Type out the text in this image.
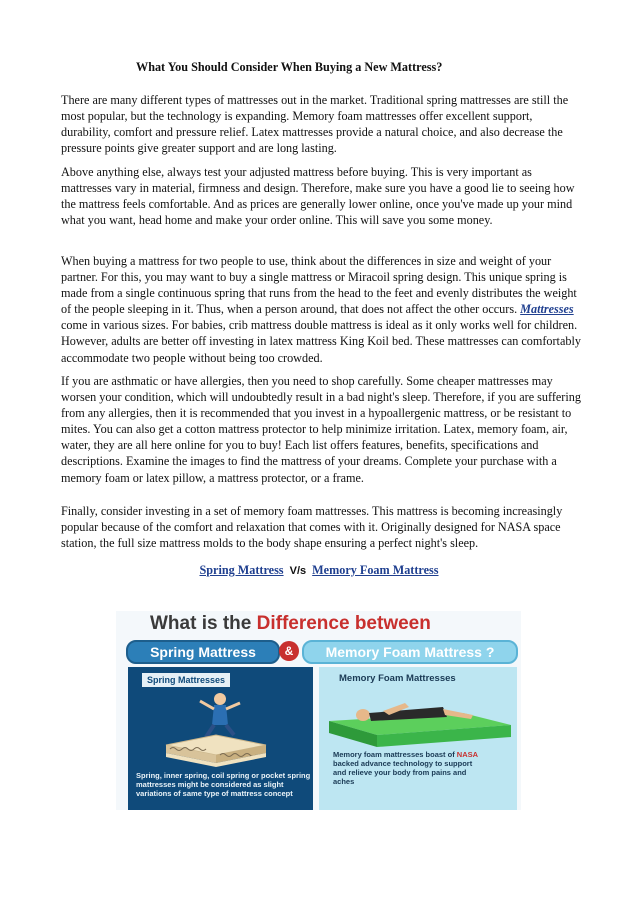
What You Should Consider When Buying a New Mattress?

There are many different types of mattresses out in the market. Traditional spring mattresses are still the most popular, but the technology is expanding. Memory foam mattresses offer excellent support, durability, comfort and pressure relief. Latex mattresses provide a natural choice, and also decrease the pressure points give greater support and are long lasting.

Above anything else, always test your adjusted mattress before buying. This is very important as mattresses vary in material, firmness and design. Therefore, make sure you have a good lie to seeing how the mattress feels comfortable. And as prices are generally lower online, once you've made up your mind what you want, head home and make your order online. This will save you some money.

When buying a mattress for two people to use, think about the differences in size and weight of your partner. For this, you may want to buy a single mattress or Miracoil spring design. This unique spring is made from a single continuous spring that runs from the head to the feet and evenly distributes the weight of the people sleeping in it. Thus, when a person around, that does not affect the other occurs. Mattresses come in various sizes. For babies, crib mattress double mattress is ideal as it only works well for children. However, adults are better off investing in latex mattress King Koil bed. These mattresses can comfortably accommodate two people without being too crowded.

If you are asthmatic or have allergies, then you need to shop carefully. Some cheaper mattresses may worsen your condition, which will undoubtedly result in a bad night's sleep. Therefore, if you are suffering from any allergies, then it is recommended that you invest in a hypoallergenic mattress, or be resistant to mites. You can also get a cotton mattress protector to help minimize irritation. Latex, memory foam, air, water, they are all here online for you to buy! Each list offers features, benefits, specifications and descriptions. Examine the images to find the mattress of your dreams. Complete your purchase with a memory foam or latex pillow, a mattress protector, or a frame.

Finally, consider investing in a set of memory foam mattresses. This mattress is becoming increasingly popular because of the comfort and relaxation that comes with it. Originally designed for NASA space station, the full size mattress molds to the body shape ensuring a perfect night's sleep.

Spring Mattress V/s Memory Foam Mattress
What is the Difference between
Spring Mattress	&	Memory Foam Mattress ?
Spring Mattresses
Spring, inner spring, coil spring or pocket spring mattresses might be considered as slight variations of same type of mattress concept
Memory Foam Mattresses
Memory foam mattresses boast of NASA backed advance technology to support and relieve your body from pains and aches
